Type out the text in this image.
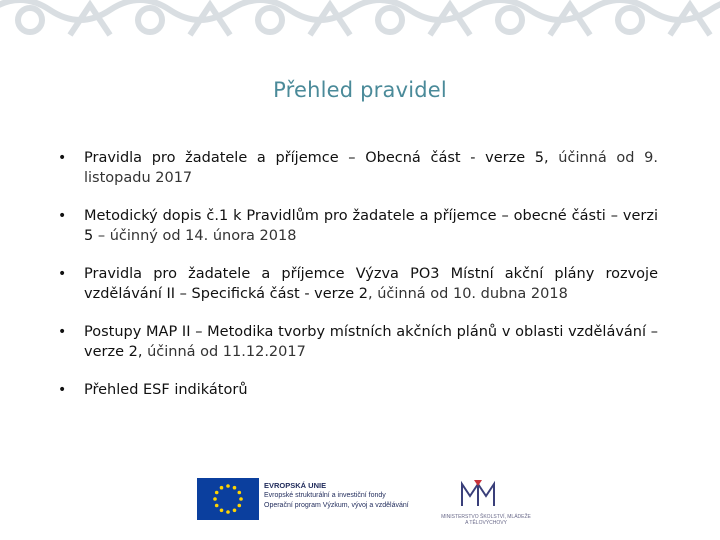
Přehled pravidel
• Pravidla pro žadatele a příjemce – Obecná část - verze 5, účinná od 9. listopadu 2017
• Metodický dopis č.1 k Pravidlům pro žadatele a příjemce – obecné části – verzi 5 – účinný od 14. února 2018
• Pravidla pro žadatele a příjemce Výzva PO3 Místní akční plány rozvoje vzdělávání II – Specifická část - verze 2, účinná od 10. dubna 2018
• Postupy MAP II – Metodika tvorby místních akčních plánů v oblasti vzdělávání – verze 2, účinná od 11.12.2017
• Přehled ESF indikátorů
EVROPSKÁ UNIE
Evropské strukturální a investiční fondy
Operační program Výzkum, vývoj a vzdělávání
MINISTERSTVO ŠKOLSTVÍ, MLÁDEŽE A TĚLOVÝCHOVY
